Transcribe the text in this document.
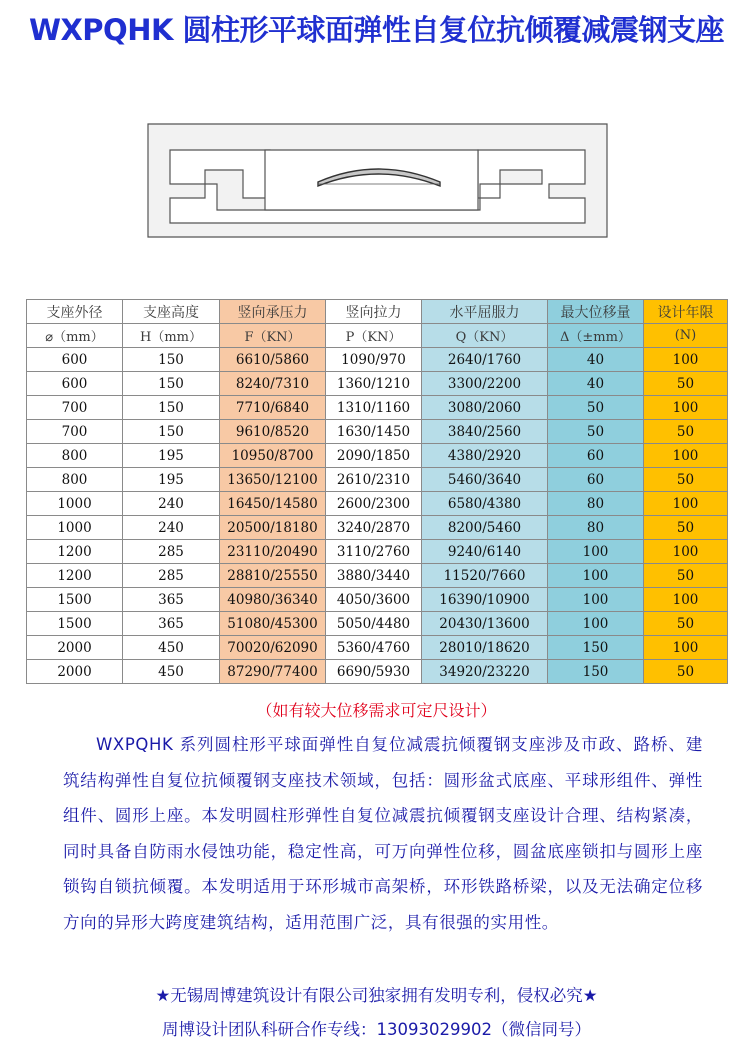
WXPQHK 圆柱形平球面弹性自复位抗倾覆减震钢支座
支座外径	支座高度	竖向承压力	竖向拉力	水平屈服力	最大位移量	设计年限
⌀（mm）	H（mm）	F（KN）	P（KN）	Q（KN）	Δ（±mm）	(N)
600	150	6610/5860	1090/970	2640/1760	40	100
600	150	8240/7310	1360/1210	3300/2200	40	50
700	150	7710/6840	1310/1160	3080/2060	50	100
700	150	9610/8520	1630/1450	3840/2560	50	50
800	195	10950/8700	2090/1850	4380/2920	60	100
800	195	13650/12100	2610/2310	5460/3640	60	50
1000	240	16450/14580	2600/2300	6580/4380	80	100
1000	240	20500/18180	3240/2870	8200/5460	80	50
1200	285	23110/20490	3110/2760	9240/6140	100	100
1200	285	28810/25550	3880/3440	11520/7660	100	50
1500	365	40980/36340	4050/3600	16390/10900	100	100
1500	365	51080/45300	5050/4480	20430/13600	100	50
2000	450	70020/62090	5360/4760	28010/18620	150	100
2000	450	87290/77400	6690/5930	34920/23220	150	50
（如有较大位移需求可定尺设计）

WXPQHK 系列圆柱形平球面弹性自复位减震抗倾覆钢支座涉及市政、路桥、建筑结构弹性自复位抗倾覆钢支座技术领域，包括：圆形盆式底座、平球形组件、弹性组件、圆形上座。本发明圆柱形弹性自复位减震抗倾覆钢支座设计合理、结构紧凑，同时具备自防雨水侵蚀功能，稳定性高，可万向弹性位移，圆盆底座锁扣与圆形上座锁钩自锁抗倾覆。本发明适用于环形城市高架桥，环形铁路桥梁，以及无法确定位移方向的异形大跨度建筑结构，适用范围广泛，具有很强的实用性。

★无锡周博建筑设计有限公司独家拥有发明专利，侵权必究★
周博设计团队科研合作专线：13093029902（微信同号）
